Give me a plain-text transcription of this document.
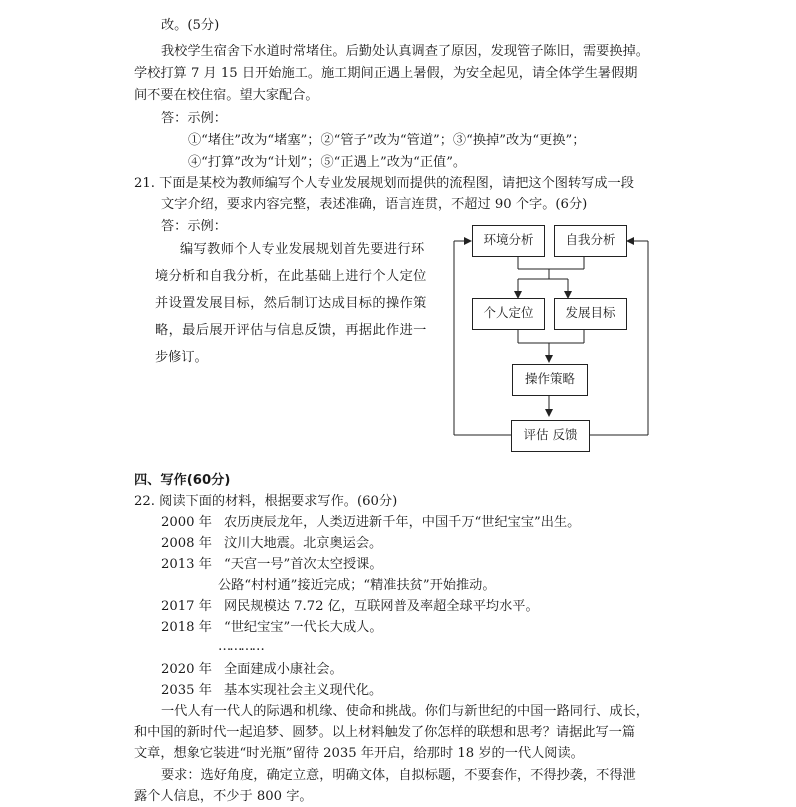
改。(5分)
我校学生宿舍下水道时常堵住。后勤处认真调查了原因，发现管子陈旧，需要换掉。
学校打算 7 月 15 日开始施工。施工期间正遇上暑假，为安全起见，请全体学生暑假期
间不要在校住宿。望大家配合。
答：示例：
①“堵住”改为“堵塞”；②“管子”改为“管道”；③“换掉”改为“更换”；
④“打算”改为“计划”；⑤“正遇上”改为“正值”。
21. 下面是某校为教师编写个人专业发展规划而提供的流程图，请把这个图转写成一段
文字介绍，要求内容完整，表述准确，语言连贯，不超过 90 个字。(6分)
答：示例：
编写教师个人专业发展规划首先要进行环
境分析和自我分析，在此基础上进行个人定位
并设置发展目标，然后制订达成目标的操作策
略，最后展开评估与信息反馈，再据此作进一
步修订。
环境分析	自我分析
个人定位	发展目标
操作策略
评估 反馈
四、写作(60分)
22. 阅读下面的材料，根据要求写作。(60分)
2000 年 农历庚辰龙年，人类迈进新千年，中国千万“世纪宝宝”出生。
2008 年 汶川大地震。北京奥运会。
2013 年 “天宫一号”首次太空授课。
公路“村村通”接近完成；“精准扶贫”开始推动。
2017 年 网民规模达 7.72 亿，互联网普及率超全球平均水平。
2018 年 “世纪宝宝”一代长大成人。
…………
2020 年 全面建成小康社会。
2035 年 基本实现社会主义现代化。
一代人有一代人的际遇和机缘、使命和挑战。你们与新世纪的中国一路同行、成长，
和中国的新时代一起追梦、圆梦。以上材料触发了你怎样的联想和思考？请据此写一篇
文章，想象它装进“时光瓶”留待 2035 年开启，给那时 18 岁的一代人阅读。
要求：选好角度，确定立意，明确文体，自拟标题，不要套作，不得抄袭，不得泄
露个人信息，不少于 800 字。
